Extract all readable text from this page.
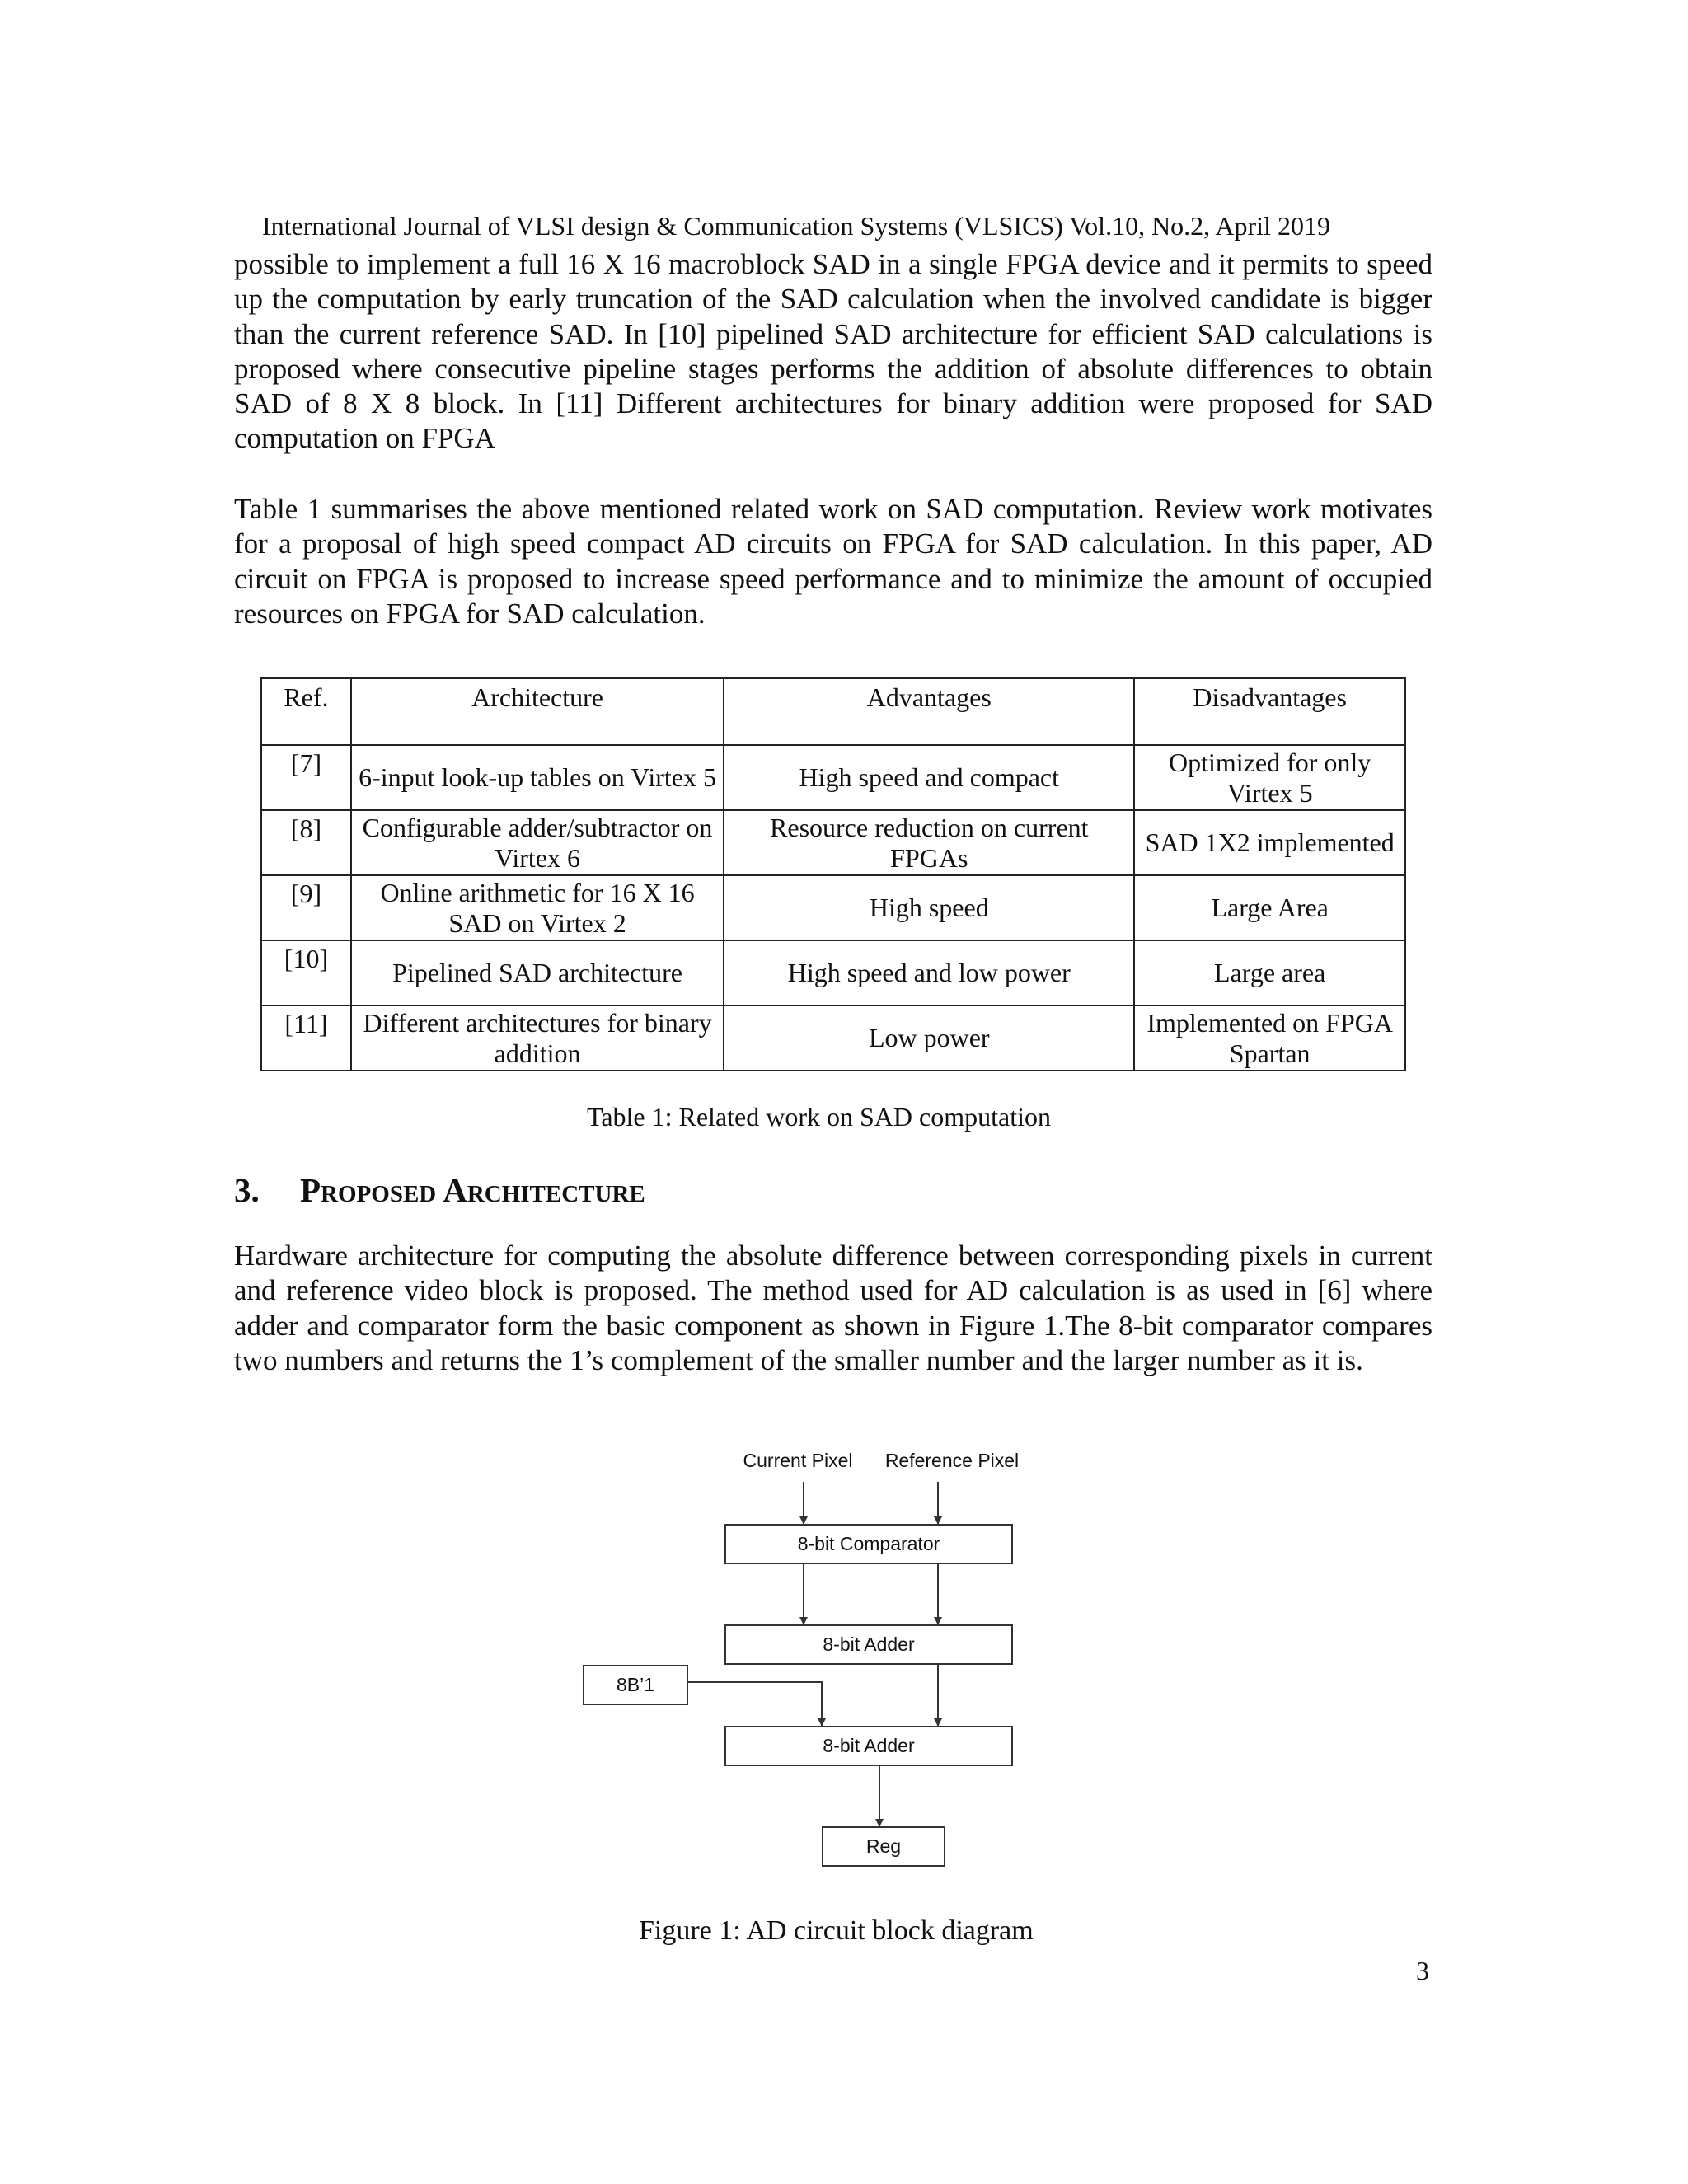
International Journal of VLSI design & Communication Systems (VLSICS) Vol.10, No.2, April 2019

possible to implement a full 16 X 16 macroblock SAD in a single FPGA device and it permits to speed up the computation by early truncation of the SAD calculation when the involved candidate is bigger than the current reference SAD. In [10] pipelined SAD architecture for efficient SAD calculations is proposed where consecutive pipeline stages performs the addition of absolute differences to obtain SAD of 8 X 8 block. In [11] Different architectures for binary addition were proposed for SAD computation on FPGA

Table 1 summarises the above mentioned related work on SAD computation. Review work motivates for a proposal of high speed compact AD circuits on FPGA for SAD calculation. In this paper, AD circuit on FPGA is proposed to increase speed performance and to minimize the amount of occupied resources on FPGA for SAD calculation.

Ref.	Architecture	Advantages	Disadvantages
[7]	6-input look-up tables on Virtex 5	High speed and compact	Optimized for only Virtex 5
[8]	Configurable adder/subtractor on Virtex 6	Resource reduction on current FPGAs	SAD 1X2 implemented
[9]	Online arithmetic for 16 X 16 SAD on Virtex 2	High speed	Large Area
[10]	Pipelined SAD architecture	High speed and low power	Large area
[11]	Different architectures for binary addition	Low power	Implemented on FPGA Spartan
Table 1: Related work on SAD computation
3. Proposed Architecture

Hardware architecture for computing the absolute difference between corresponding pixels in current and reference video block is proposed. The method used for AD calculation is as used in [6] where adder and comparator form the basic component as shown in Figure 1.The 8-bit comparator compares two numbers and returns the 1’s complement of the smaller number and the larger number as it is.

Current Pixel Reference Pixel
8-bit Comparator
8-bit Adder
8B’1
8-bit Adder
Reg
Figure 1: AD circuit block diagram
3
